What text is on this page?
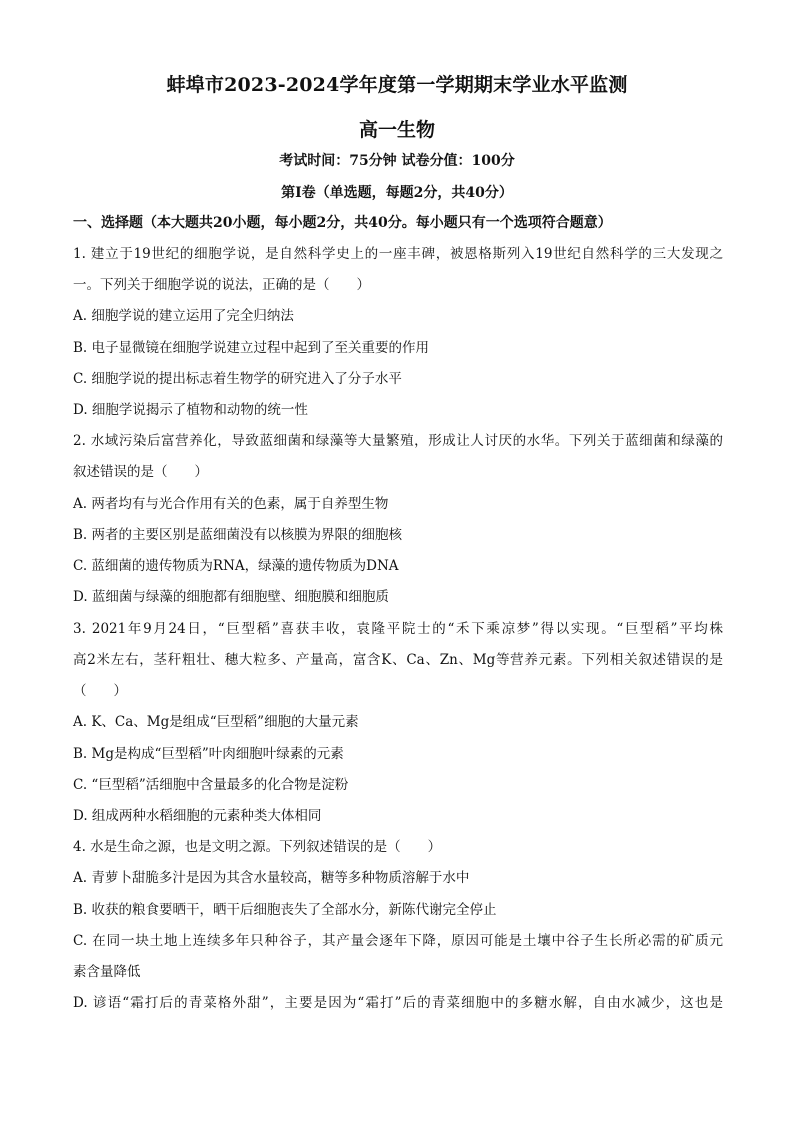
蚌埠市2023-2024学年度第一学期期末学业水平监测
高一生物
考试时间：75分钟 试卷分值：100分
第Ⅰ卷（单选题，每题2分，共40分）
一、选择题（本大题共20小题，每小题2分，共40分。每小题只有一个选项符合题意）
1. 建立于19世纪的细胞学说，是自然科学史上的一座丰碑，被恩格斯列入19世纪自然科学的三大发现之
一。下列关于细胞学说的说法，正确的是（　　）
A. 细胞学说的建立运用了完全归纳法
B. 电子显微镜在细胞学说建立过程中起到了至关重要的作用
C. 细胞学说的提出标志着生物学的研究进入了分子水平
D. 细胞学说揭示了植物和动物的统一性
2. 水域污染后富营养化，导致蓝细菌和绿藻等大量繁殖，形成让人讨厌的水华。下列关于蓝细菌和绿藻的
叙述错误的是（　　）
A. 两者均有与光合作用有关的色素，属于自养型生物
B. 两者的主要区别是蓝细菌没有以核膜为界限的细胞核
C. 蓝细菌的遗传物质为RNA，绿藻的遗传物质为DNA
D. 蓝细菌与绿藻的细胞都有细胞壁、细胞膜和细胞质
3. 2021年9月24日，“巨型稻”喜获丰收，袁隆平院士的“禾下乘凉梦”得以实现。“巨型稻”平均株
高2米左右，茎秆粗壮、穗大粒多、产量高，富含K、Ca、Zn、Mg等营养元素。下列相关叙述错误的是
（　　）
A. K、Ca、Mg是组成“巨型稻”细胞的大量元素
B. Mg是构成“巨型稻”叶肉细胞叶绿素的元素
C. “巨型稻”活细胞中含量最多的化合物是淀粉
D. 组成两种水稻细胞的元素种类大体相同
4. 水是生命之源，也是文明之源。下列叙述错误的是（　　）
A. 青萝卜甜脆多汁是因为其含水量较高，糖等多种物质溶解于水中
B. 收获的粮食要晒干，晒干后细胞丧失了全部水分，新陈代谢完全停止
C. 在同一块土地上连续多年只种谷子，其产量会逐年下降，原因可能是土壤中谷子生长所必需的矿质元
素含量降低
D. 谚语“霜打后的青菜格外甜”，主要是因为“霜打”后的青菜细胞中的多糖水解，自由水减少，这也是
